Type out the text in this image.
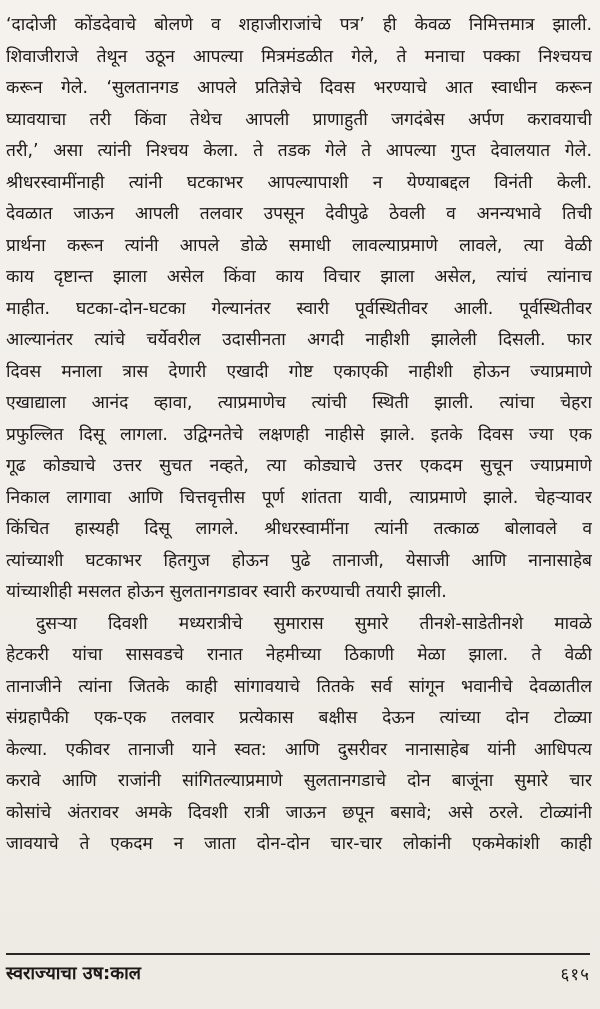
‘दादोजी कोंडदेवाचे बोलणे व शहाजीराजांचे पत्र’ ही केवळ निमित्तमात्र झाली.
शिवाजीराजे तेथून उठून आपल्या मित्रमंडळीत गेले, ते मनाचा पक्का निश्चयच
करून गेले. ‘सुलतानगड आपले प्रतिज्ञेचे दिवस भरण्याचे आत स्वाधीन करून
घ्यावयाचा तरी किंवा तेथेच आपली प्राणाहुती जगदंबेस अर्पण करावयाची
तरी,’ असा त्यांनी निश्चय केला. ते तडक गेले ते आपल्या गुप्त देवालयात गेले.
श्रीधरस्वामींनाही त्यांनी घटकाभर आपल्यापाशी न येण्याबद्दल विनंती केली.
देवळात जाऊन आपली तलवार उपसून देवीपुढे ठेवली व अनन्यभावे तिची
प्रार्थना करून त्यांनी आपले डोळे समाधी लावल्याप्रमाणे लावले, त्या वेळी
काय दृष्टान्त झाला असेल किंवा काय विचार झाला असेल, त्यांचं त्यांनाच
माहीत. घटका-दोन-घटका गेल्यानंतर स्वारी पूर्वस्थितीवर आली. पूर्वस्थितीवर
आल्यानंतर त्यांचे चर्येवरील उदासीनता अगदी नाहीशी झालेली दिसली. फार
दिवस मनाला त्रास देणारी एखादी गोष्ट एकाएकी नाहीशी होऊन ज्याप्रमाणे
एखाद्याला आनंद व्हावा, त्याप्रमाणेच त्यांची स्थिती झाली. त्यांचा चेहरा
प्रफुल्लित दिसू लागला. उद्विग्नतेचे लक्षणही नाहीसे झाले. इतके दिवस ज्या एक
गूढ कोड्याचे उत्तर सुचत नव्हते, त्या कोड्याचे उत्तर एकदम सुचून ज्याप्रमाणे
निकाल लागावा आणि चित्तवृत्तीस पूर्ण शांतता यावी, त्याप्रमाणे झाले. चेहऱ्यावर
किंचित हास्यही दिसू लागले. श्रीधरस्वामींना त्यांनी तत्काळ बोलावले व
त्यांच्याशी घटकाभर हितगुज होऊन पुढे तानाजी, येसाजी आणि नानासाहेब
यांच्याशीही मसलत होऊन सुलतानगडावर स्वारी करण्याची तयारी झाली.
दुसऱ्या दिवशी मध्यरात्रीचे सुमारास सुमारे तीनशे-साडेतीनशे मावळे
हेटकरी यांचा सासवडचे रानात नेहमीच्या ठिकाणी मेळा झाला. ते वेळी
तानाजीने त्यांना जितके काही सांगावयाचे तितके सर्व सांगून भवानीचे देवळातील
संग्रहापैकी एक-एक तलवार प्रत्येकास बक्षीस देऊन त्यांच्या दोन टोळ्या
केल्या. एकीवर तानाजी याने स्वत: आणि दुसरीवर नानासाहेब यांनी आधिपत्य
करावे आणि राजांनी सांगितल्याप्रमाणे सुलतानगडाचे दोन बाजूंना सुमारे चार
कोसांचे अंतरावर अमके दिवशी रात्री जाऊन छपून बसावे; असे ठरले. टोळ्यांनी
जावयाचे ते एकदम न जाता दोन-दोन चार-चार लोकांनी एकमेकांशी काही
स्वराज्याचा उष:काल	६१५
